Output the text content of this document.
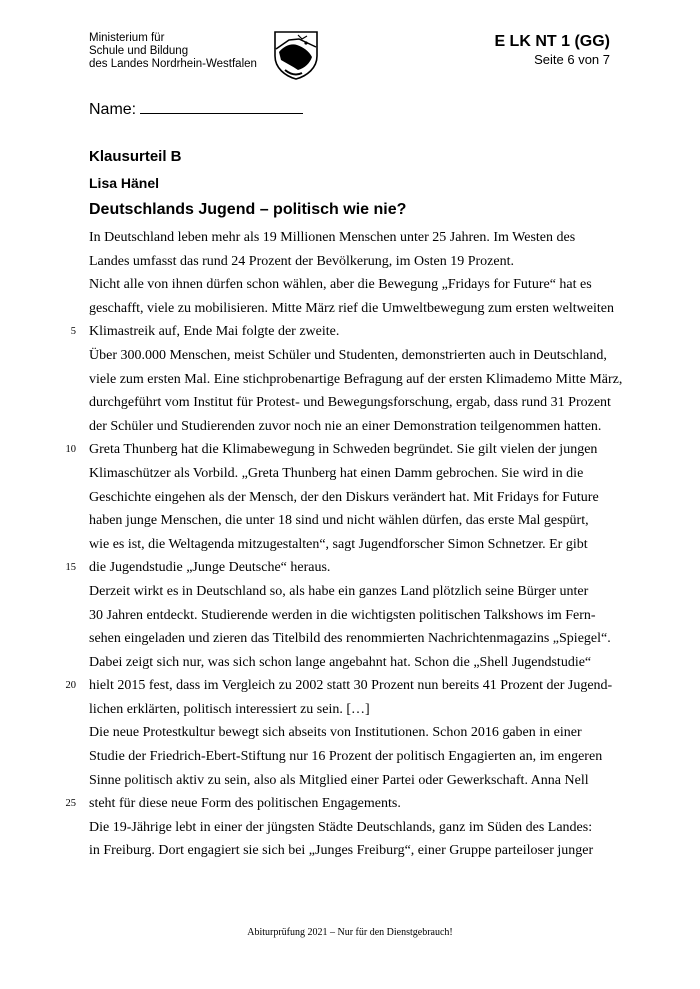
Ministerium für
Schule und Bildung
des Landes Nordrhein-Westfalen
E LK NT 1 (GG)
Seite 6 von 7
Name:
Klausurteil B
Lisa Hänel
Deutschlands Jugend – politisch wie nie?
In Deutschland leben mehr als 19 Millionen Menschen unter 25 Jahren. Im Westen des
Landes umfasst das rund 24 Prozent der Bevölkerung, im Osten 19 Prozent.
Nicht alle von ihnen dürfen schon wählen, aber die Bewegung „Fridays for Future“ hat es
geschafft, viele zu mobilisieren. Mitte März rief die Umweltbewegung zum ersten weltweiten
5 Klimastreik auf, Ende Mai folgte der zweite.
Über 300.000 Menschen, meist Schüler und Studenten, demonstrierten auch in Deutschland,
viele zum ersten Mal. Eine stichprobenartige Befragung auf der ersten Klimademo Mitte März,
durchgeführt vom Institut für Protest- und Bewegungsforschung, ergab, dass rund 31 Prozent
der Schüler und Studierenden zuvor noch nie an einer Demonstration teilgenommen hatten.
10 Greta Thunberg hat die Klimabewegung in Schweden begründet. Sie gilt vielen der jungen
Klimaschützer als Vorbild. „Greta Thunberg hat einen Damm gebrochen. Sie wird in die
Geschichte eingehen als der Mensch, der den Diskurs verändert hat. Mit Fridays for Future
haben junge Menschen, die unter 18 sind und nicht wählen dürfen, das erste Mal gespürt,
wie es ist, die Weltagenda mitzugestalten“, sagt Jugendforscher Simon Schnetzer. Er gibt
15 die Jugendstudie „Junge Deutsche“ heraus.
Derzeit wirkt es in Deutschland so, als habe ein ganzes Land plötzlich seine Bürger unter
30 Jahren entdeckt. Studierende werden in die wichtigsten politischen Talkshows im Fern-
sehen eingeladen und zieren das Titelbild des renommierten Nachrichtenmagazins „Spiegel“.
Dabei zeigt sich nur, was sich schon lange angebahnt hat. Schon die „Shell Jugendstudie“
20 hielt 2015 fest, dass im Vergleich zu 2002 statt 30 Prozent nun bereits 41 Prozent der Jugend-
lichen erklärten, politisch interessiert zu sein. […]
Die neue Protestkultur bewegt sich abseits von Institutionen. Schon 2016 gaben in einer
Studie der Friedrich-Ebert-Stiftung nur 16 Prozent der politisch Engagierten an, im engeren
Sinne politisch aktiv zu sein, also als Mitglied einer Partei oder Gewerkschaft. Anna Nell
25 steht für diese neue Form des politischen Engagements.
Die 19-Jährige lebt in einer der jüngsten Städte Deutschlands, ganz im Süden des Landes:
in Freiburg. Dort engagiert sie sich bei „Junges Freiburg“, einer Gruppe parteiloser junger
Abiturprüfung 2021 – Nur für den Dienstgebrauch!
